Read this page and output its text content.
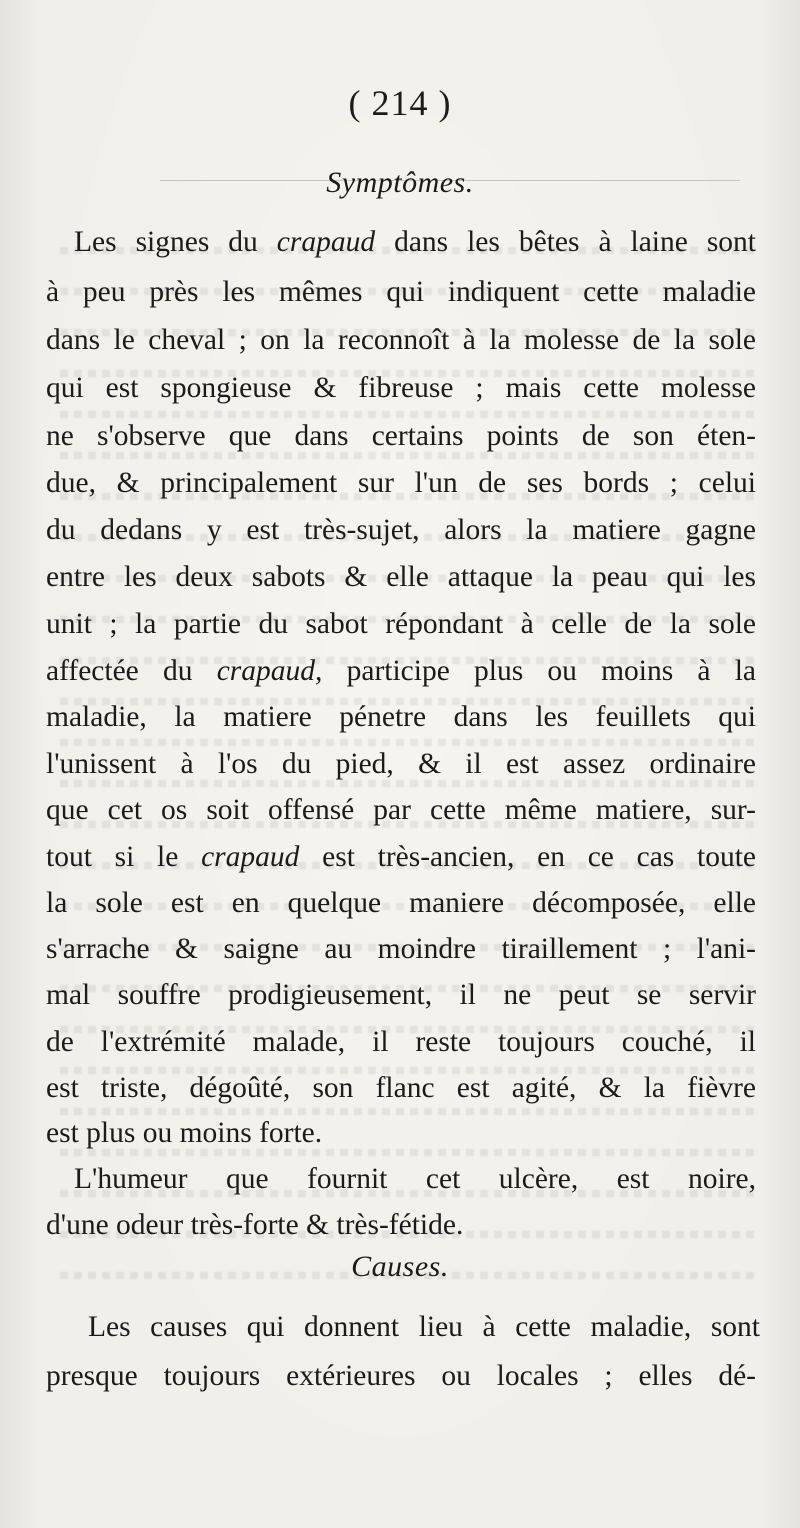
( 214 )
Symptômes.
Les signes du crapaud dans les bêtes à laine sont
à peu près les mêmes qui indiquent cette maladie
dans le cheval ; on la reconnoît à la molesse de la sole
qui est spongieuse & fibreuse ; mais cette molesse
ne s'observe que dans certains points de son éten-
due, & principalement sur l'un de ses bords ; celui
du dedans y est très-sujet, alors la matiere gagne
entre les deux sabots & elle attaque la peau qui les
unit ; la partie du sabot répondant à celle de la sole
affectée du crapaud, participe plus ou moins à la
maladie, la matiere pénetre dans les feuillets qui
l'unissent à l'os du pied, & il est assez ordinaire
que cet os soit offensé par cette même matiere, sur-
tout si le crapaud est très-ancien, en ce cas toute
la sole est en quelque maniere décomposée, elle
s'arrache & saigne au moindre tiraillement ; l'ani-
mal souffre prodigieusement, il ne peut se servir
de l'extrémité malade, il reste toujours couché, il
est triste, dégoûté, son flanc est agité, & la fièvre
est plus ou moins forte.
L'humeur que fournit cet ulcère, est noire,
d'une odeur très-forte & très-fétide.
Causes.
Les causes qui donnent lieu à cette maladie, sont
presque toujours extérieures ou locales ; elles dé-
